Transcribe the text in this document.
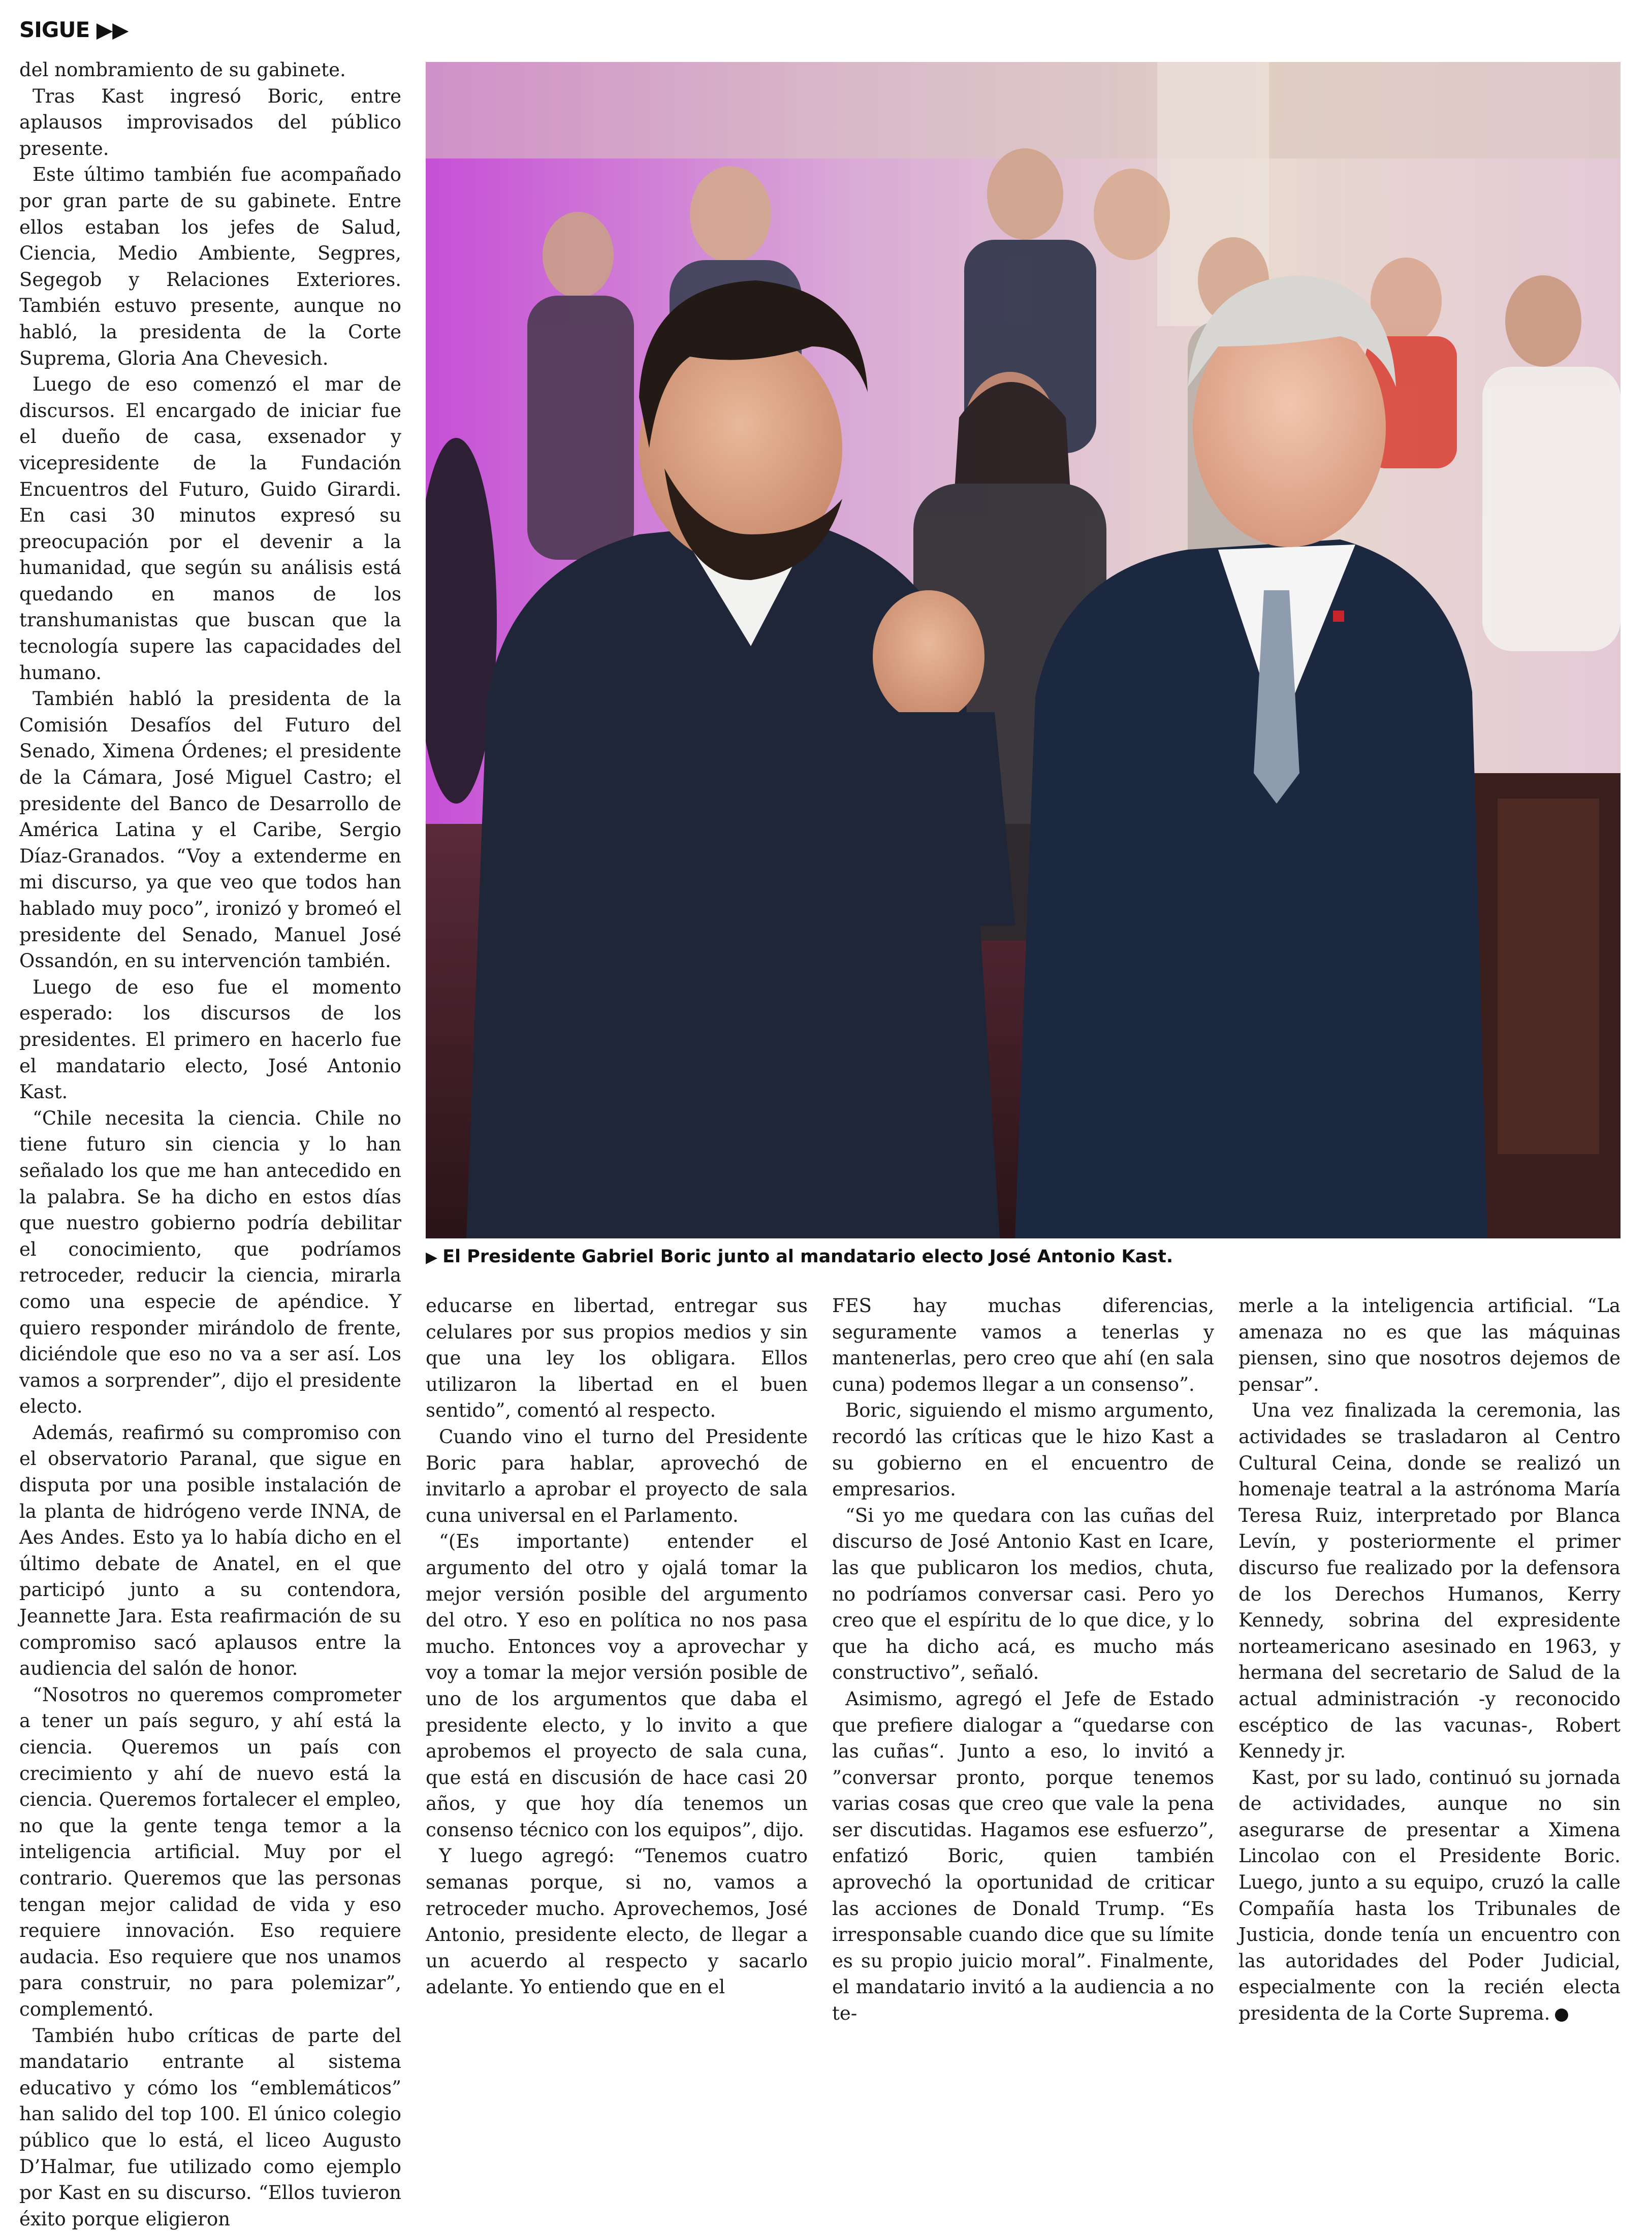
SIGUE ▶▶

del nombramiento de su gabinete.

Tras Kast ingresó Boric, entre aplausos improvisados del público presente.

Este último también fue acompañado por gran parte de su gabinete. Entre ellos estaban los jefes de Salud, Ciencia, Medio Ambiente, Segpres, Segegob y Relaciones Exteriores. También estuvo presente, aunque no habló, la presidenta de la Corte Suprema, Gloria Ana Chevesich.

Luego de eso comenzó el mar de discursos. El encargado de iniciar fue el dueño de casa, exsenador y vicepresidente de la Fundación Encuentros del Futuro, Guido Girardi. En casi 30 minutos expresó su preocupación por el devenir a la humanidad, que según su análisis está quedando en manos de los transhumanistas que buscan que la tecnología supere las capacidades del humano.

También habló la presidenta de la Comisión Desafíos del Futuro del Senado, Ximena Órdenes; el presidente de la Cámara, José Miguel Castro; el presidente del Banco de Desarrollo de América Latina y el Caribe, Sergio Díaz-Granados. “Voy a extenderme en mi discurso, ya que veo que todos han hablado muy poco”, ironizó y bromeó el presidente del Senado, Manuel José Ossandón, en su intervención también.

Luego de eso fue el momento esperado: los discursos de los presidentes. El primero en hacerlo fue el mandatario electo, José Antonio Kast.

“Chile necesita la ciencia. Chile no tiene futuro sin ciencia y lo han señalado los que me han antecedido en la palabra. Se ha dicho en estos días que nuestro gobierno podría debilitar el conocimiento, que podríamos retroceder, reducir la ciencia, mirarla como una especie de apéndice. Y quiero responder mirándolo de frente, diciéndole que eso no va a ser así. Los vamos a sorprender”, dijo el presidente electo.

Además, reafirmó su compromiso con el observatorio Paranal, que sigue en disputa por una posible instalación de la planta de hidrógeno verde INNA, de Aes Andes. Esto ya lo había dicho en el último debate de Anatel, en el que participó junto a su contendora, Jeannette Jara. Esta reafirmación de su compromiso sacó aplausos entre la audiencia del salón de honor.

“Nosotros no queremos comprometer a tener un país seguro, y ahí está la ciencia. Queremos un país con crecimiento y ahí de nuevo está la ciencia. Queremos fortalecer el empleo, no que la gente tenga temor a la inteligencia artificial. Muy por el contrario. Queremos que las personas tengan mejor calidad de vida y eso requiere innovación. Eso requiere audacia. Eso requiere que nos unamos para construir, no para polemizar”, complementó.

También hubo críticas de parte del mandatario entrante al sistema educativo y cómo los “emblemáticos” han salido del top 100. El único colegio público que lo está, el liceo Augusto D’Halmar, fue utilizado como ejemplo por Kast en su discurso. “Ellos tuvieron éxito porque eligieron

▶ El Presidente Gabriel Boric junto al mandatario electo José Antonio Kast.

educarse en libertad, entregar sus celulares por sus propios medios y sin que una ley los obligara. Ellos utilizaron la libertad en el buen sentido”, comentó al respecto.

Cuando vino el turno del Presidente Boric para hablar, aprovechó de invitarlo a aprobar el proyecto de sala cuna universal en el Parlamento.

“(Es importante) entender el argumento del otro y ojalá tomar la mejor versión posible del argumento del otro. Y eso en política no nos pasa mucho. Entonces voy a aprovechar y voy a tomar la mejor versión posible de uno de los argumentos que daba el presidente electo, y lo invito a que aprobemos el proyecto de sala cuna, que está en discusión de hace casi 20 años, y que hoy día tenemos un consenso técnico con los equipos”, dijo.

Y luego agregó: “Tenemos cuatro semanas porque, si no, vamos a retroceder mucho. Aprovechemos, José Antonio, presidente electo, de llegar a un acuerdo al respecto y sacarlo adelante. Yo entiendo que en el

FES hay muchas diferencias, seguramente vamos a tenerlas y mantenerlas, pero creo que ahí (en sala cuna) podemos llegar a un consenso”.

Boric, siguiendo el mismo argumento, recordó las críticas que le hizo Kast a su gobierno en el encuentro de empresarios.

“Si yo me quedara con las cuñas del discurso de José Antonio Kast en Icare, las que publicaron los medios, chuta, no podríamos conversar casi. Pero yo creo que el espíritu de lo que dice, y lo que ha dicho acá, es mucho más constructivo”, señaló.

Asimismo, agregó el Jefe de Estado que prefiere dialogar a “quedarse con las cuñas“. Junto a eso, lo invitó a ”conversar pronto, porque tenemos varias cosas que creo que vale la pena ser discutidas. Hagamos ese esfuerzo”, enfatizó Boric, quien también aprovechó la oportunidad de criticar las acciones de Donald Trump. “Es irresponsable cuando dice que su límite es su propio juicio moral”. Finalmente, el mandatario invitó a la audiencia a no te-

merle a la inteligencia artificial. “La amenaza no es que las máquinas piensen, sino que nosotros dejemos de pensar”.

Una vez finalizada la ceremonia, las actividades se trasladaron al Centro Cultural Ceina, donde se realizó un homenaje teatral a la astrónoma María Teresa Ruiz, interpretado por Blanca Levín, y posteriormente el primer discurso fue realizado por la defensora de los Derechos Humanos, Kerry Kennedy, sobrina del expresidente norteamericano asesinado en 1963, y hermana del secretario de Salud de la actual administración -y reconocido escéptico de las vacunas-, Robert Kennedy jr.

Kast, por su lado, continuó su jornada de actividades, aunque no sin asegurarse de presentar a Ximena Lincolao con el Presidente Boric. Luego, junto a su equipo, cruzó la calle Compañía hasta los Tribunales de Justicia, donde tenía un encuentro con las autoridades del Poder Judicial, especialmente con la recién electa presidenta de la Corte Suprema.
